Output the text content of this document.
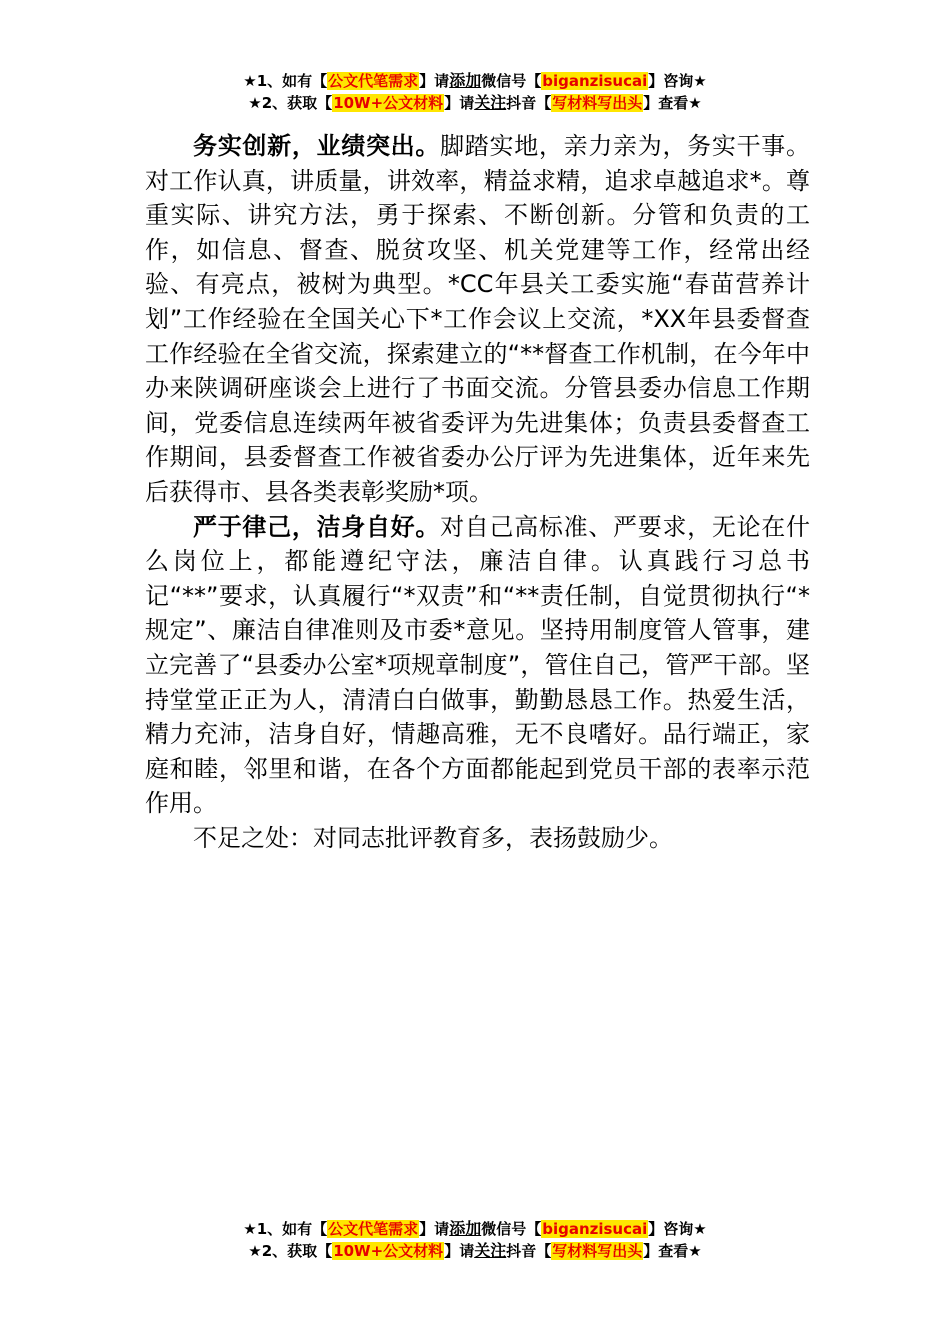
★1、如有【公文代笔需求】请添加微信号【biganzisucai】咨询★
★2、获取【10W+公文材料】请关注抖音【写材料写出头】查看★

务实创新，业绩突出。脚踏实地，亲力亲为，务实干事。对工作认真，讲质量，讲效率，精益求精，追求卓越追求*。尊重实际、讲究方法，勇于探索、不断创新。分管和负责的工作，如信息、督查、脱贫攻坚、机关党建等工作，经常出经验、有亮点，被树为典型。*CC年县关工委实施“春苗营养计划”工作经验在全国关心下*工作会议上交流，*XX年县委督查工作经验在全省交流，探索建立的“**督查工作机制，在今年中办来陕调研座谈会上进行了书面交流。分管县委办信息工作期间，党委信息连续两年被省委评为先进集体；负责县委督查工作期间，县委督查工作被省委办公厅评为先进集体，近年来先后获得市、县各类表彰奖励*项。

严于律己，洁身自好。对自己高标准、严要求，无论在什么岗位上，都能遵纪守法，廉洁自律。认真践行习总书记“**”要求，认真履行“*双责”和“**责任制，自觉贯彻执行“*规定”、廉洁自律准则及市委*意见。坚持用制度管人管事，建立完善了“县委办公室*项规章制度”，管住自己，管严干部。坚持堂堂正正为人，清清白白做事，勤勤恳恳工作。热爱生活，精力充沛，洁身自好，情趣高雅，无不良嗜好。品行端正，家庭和睦，邻里和谐，在各个方面都能起到党员干部的表率示范作用。

不足之处：对同志批评教育多，表扬鼓励少。

★1、如有【公文代笔需求】请添加微信号【biganzisucai】咨询★
★2、获取【10W+公文材料】请关注抖音【写材料写出头】查看★
